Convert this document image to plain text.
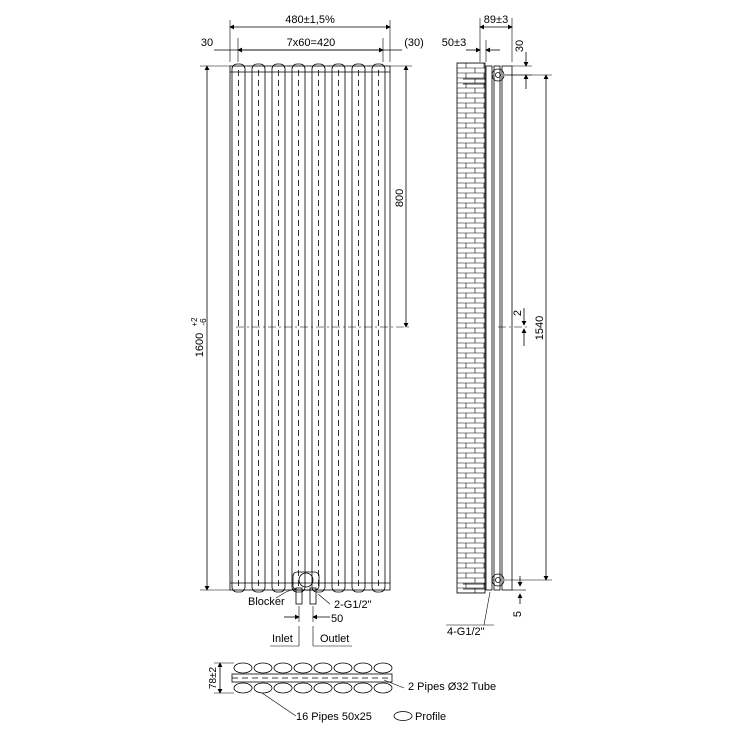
480±1,5%
7x60=420
30	(30)
1600
+2 -6
800
Blocker	2-G1/2"
50
Inlet Outlet
89±3
50±3	30
1540
2
5
4-G1/2"
78±2	2 Pipes Ø32 Tube
16 Pipes 50x25	Profile
